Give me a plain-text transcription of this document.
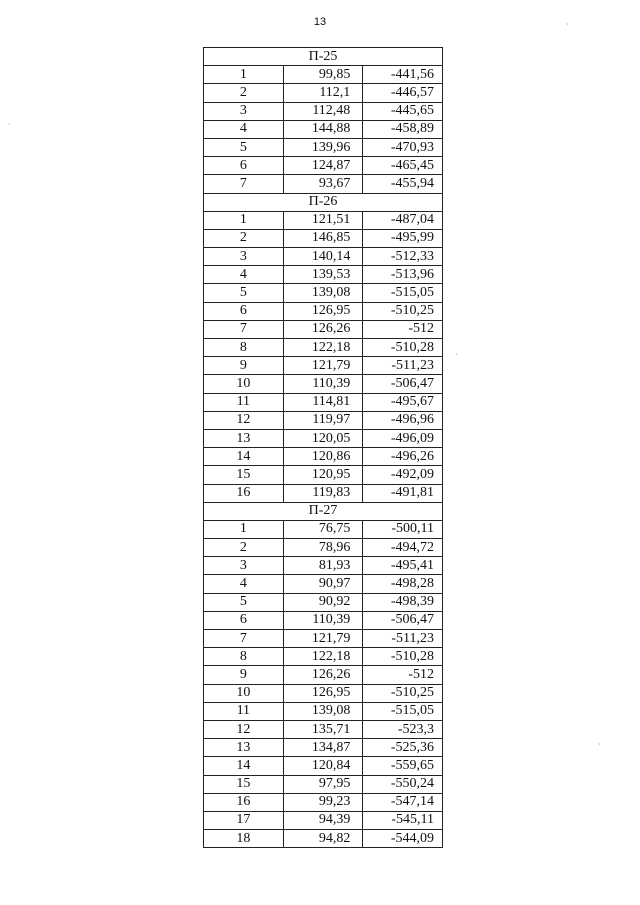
13	·
·
·
·
П-25		
1	99,85	-441,56
2	112,1	-446,57
3	112,48	-445,65
4	144,88	-458,89
5	139,96	-470,93
6	124,87	-465,45
7	93,67	-455,94
П-26		
1	121,51	-487,04
2	146,85	-495,99
3	140,14	-512,33
4	139,53	-513,96
5	139,08	-515,05
6	126,95	-510,25
7	126,26	-512
8	122,18	-510,28
9	121,79	-511,23
10	110,39	-506,47
11	114,81	-495,67
12	119,97	-496,96
13	120,05	-496,09
14	120,86	-496,26
15	120,95	-492,09
16	119,83	-491,81
П-27		
1	76,75	-500,11
2	78,96	-494,72
3	81,93	-495,41
4	90,97	-498,28
5	90,92	-498,39
6	110,39	-506,47
7	121,79	-511,23
8	122,18	-510,28
9	126,26	-512
10	126,95	-510,25
11	139,08	-515,05
12	135,71	-523,3
13	134,87	-525,36
14	120,84	-559,65
15	97,95	-550,24
16	99,23	-547,14
17	94,39	-545,11
18	94,82	-544,09
